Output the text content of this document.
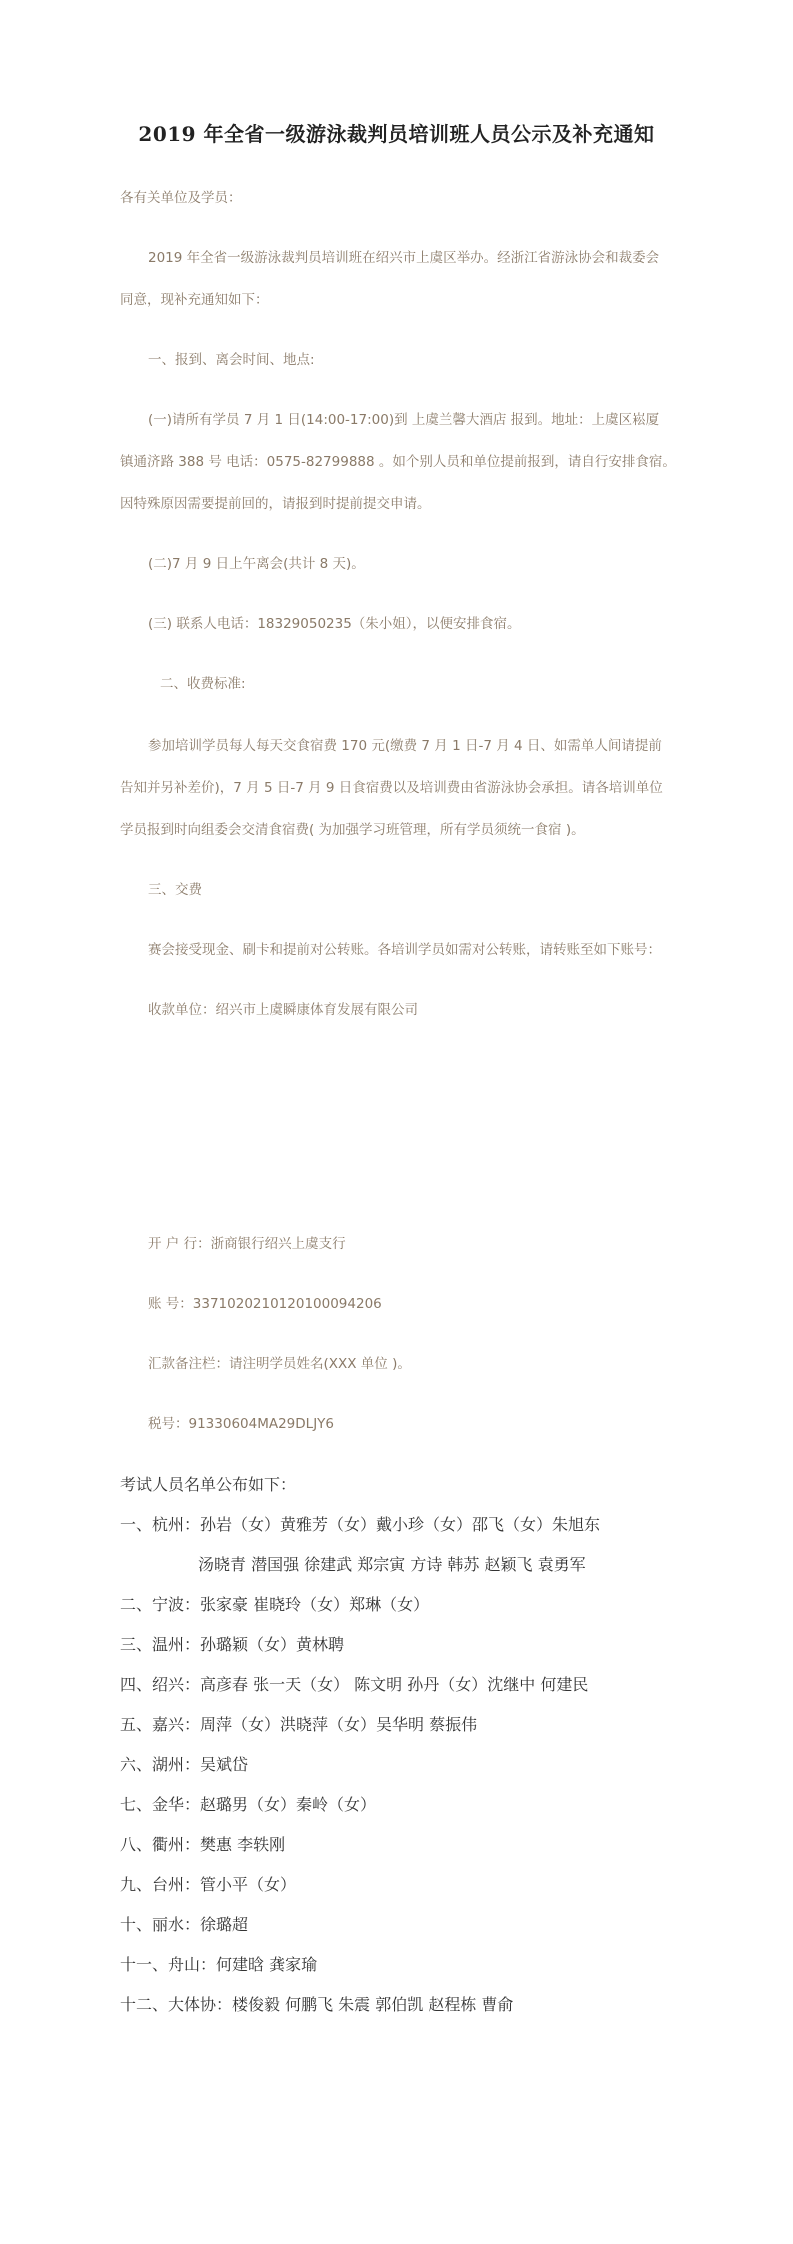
2019 年全省一级游泳裁判员培训班人员公示及补充通知
各有关单位及学员：
2019 年全省一级游泳裁判员培训班在绍兴市上虞区举办。经浙江省游泳协会和裁委会
同意，现补充通知如下：
一、报到、离会时间、地点:
(一)请所有学员 7 月 1 日(14:00-17:00)到 上虞兰馨大酒店 报到。地址：上虞区崧厦
镇通济路 388 号 电话：0575-82799888 。如个别人员和单位提前报到，请自行安排食宿。
因特殊原因需要提前回的，请报到时提前提交申请。
(二)7 月 9 日上午离会(共计 8 天)。
(三) 联系人电话：18329050235（朱小姐），以便安排食宿。
二、收费标准:
参加培训学员每人每天交食宿费 170 元(缴费 7 月 1 日-7 月 4 日、如需单人间请提前
告知并另补差价)，7 月 5 日-7 月 9 日食宿费以及培训费由省游泳协会承担。请各培训单位
学员报到时向组委会交清食宿费( 为加强学习班管理，所有学员须统一食宿 )。
三、交费
赛会接受现金、刷卡和提前对公转账。各培训学员如需对公转账，请转账至如下账号：
收款单位：绍兴市上虞瞬康体育发展有限公司
开 户 行：浙商银行绍兴上虞支行
账 号：3371020210120100094206
汇款备注栏：请注明学员姓名(XXX 单位 )。
税号：91330604MA29DLJY6
考试人员名单公布如下：
一、杭州：孙岩（女）黄雅芳（女）戴小珍（女）邵飞（女）朱旭东
汤晓青 潜国强 徐建武 郑宗寅 方诗 韩苏 赵颖飞 袁勇军
二、宁波：张家豪 崔晓玲（女）郑琳（女）
三、温州：孙璐颖（女）黄林聘
四、绍兴：高彦春 张一天（女） 陈文明 孙丹（女）沈继中 何建民
五、嘉兴：周萍（女）洪晓萍（女）吴华明 蔡振伟
六、湖州：吴斌岱
七、金华：赵璐男（女）秦岭（女）
八、衢州：樊惠 李轶刚
九、台州：管小平（女）
十、丽水：徐璐超
十一、舟山：何建晗 龚家瑜
十二、大体协：楼俊毅 何鹏飞 朱震 郭伯凯 赵程栋 曹俞
